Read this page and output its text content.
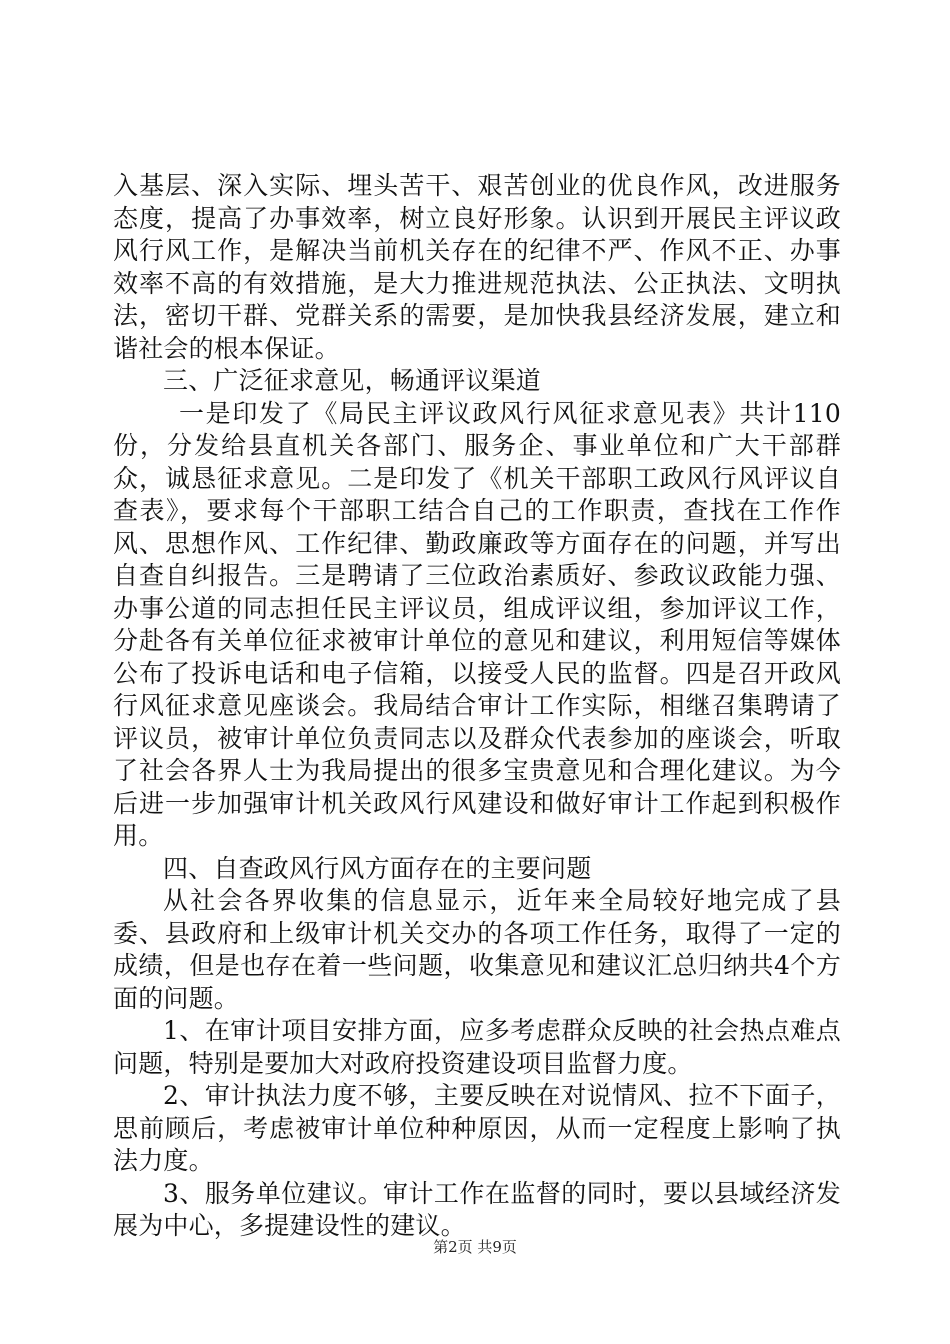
入基层、深入实际、埋头苦干、艰苦创业的优良作风，改进服务态度，提高了办事效率，树立良好形象。认识到开展民主评议政风行风工作，是解决当前机关存在的纪律不严、作风不正、办事效率不高的有效措施，是大力推进规范执法、公正执法、文明执法，密切干群、党群关系的需要，是加快我县经济发展，建立和谐社会的根本保证。

三、广泛征求意见，畅通评议渠道

一是印发了《局民主评议政风行风征求意见表》共计110份，分发给县直机关各部门、服务企、事业单位和广大干部群众，诚恳征求意见。二是印发了《机关干部职工政风行风评议自查表》，要求每个干部职工结合自己的工作职责，查找在工作作风、思想作风、工作纪律、勤政廉政等方面存在的问题，并写出自查自纠报告。三是聘请了三位政治素质好、参政议政能力强、办事公道的同志担任民主评议员，组成评议组，参加评议工作，分赴各有关单位征求被审计单位的意见和建议，利用短信等媒体公布了投诉电话和电子信箱，以接受人民的监督。四是召开政风行风征求意见座谈会。我局结合审计工作实际，相继召集聘请了评议员，被审计单位负责同志以及群众代表参加的座谈会，听取了社会各界人士为我局提出的很多宝贵意见和合理化建议。为今后进一步加强审计机关政风行风建设和做好审计工作起到积极作用。

四、自查政风行风方面存在的主要问题

从社会各界收集的信息显示，近年来全局较好地完成了县委、县政府和上级审计机关交办的各项工作任务，取得了一定的成绩，但是也存在着一些问题，收集意见和建议汇总归纳共4个方面的问题。

1、在审计项目安排方面，应多考虑群众反映的社会热点难点问题，特别是要加大对政府投资建设项目监督力度。

2、审计执法力度不够，主要反映在对说情风、拉不下面子，思前顾后，考虑被审计单位种种原因，从而一定程度上影响了执法力度。

3、服务单位建议。审计工作在监督的同时，要以县域经济发展为中心，多提建设性的建议。

第2页 共9页
